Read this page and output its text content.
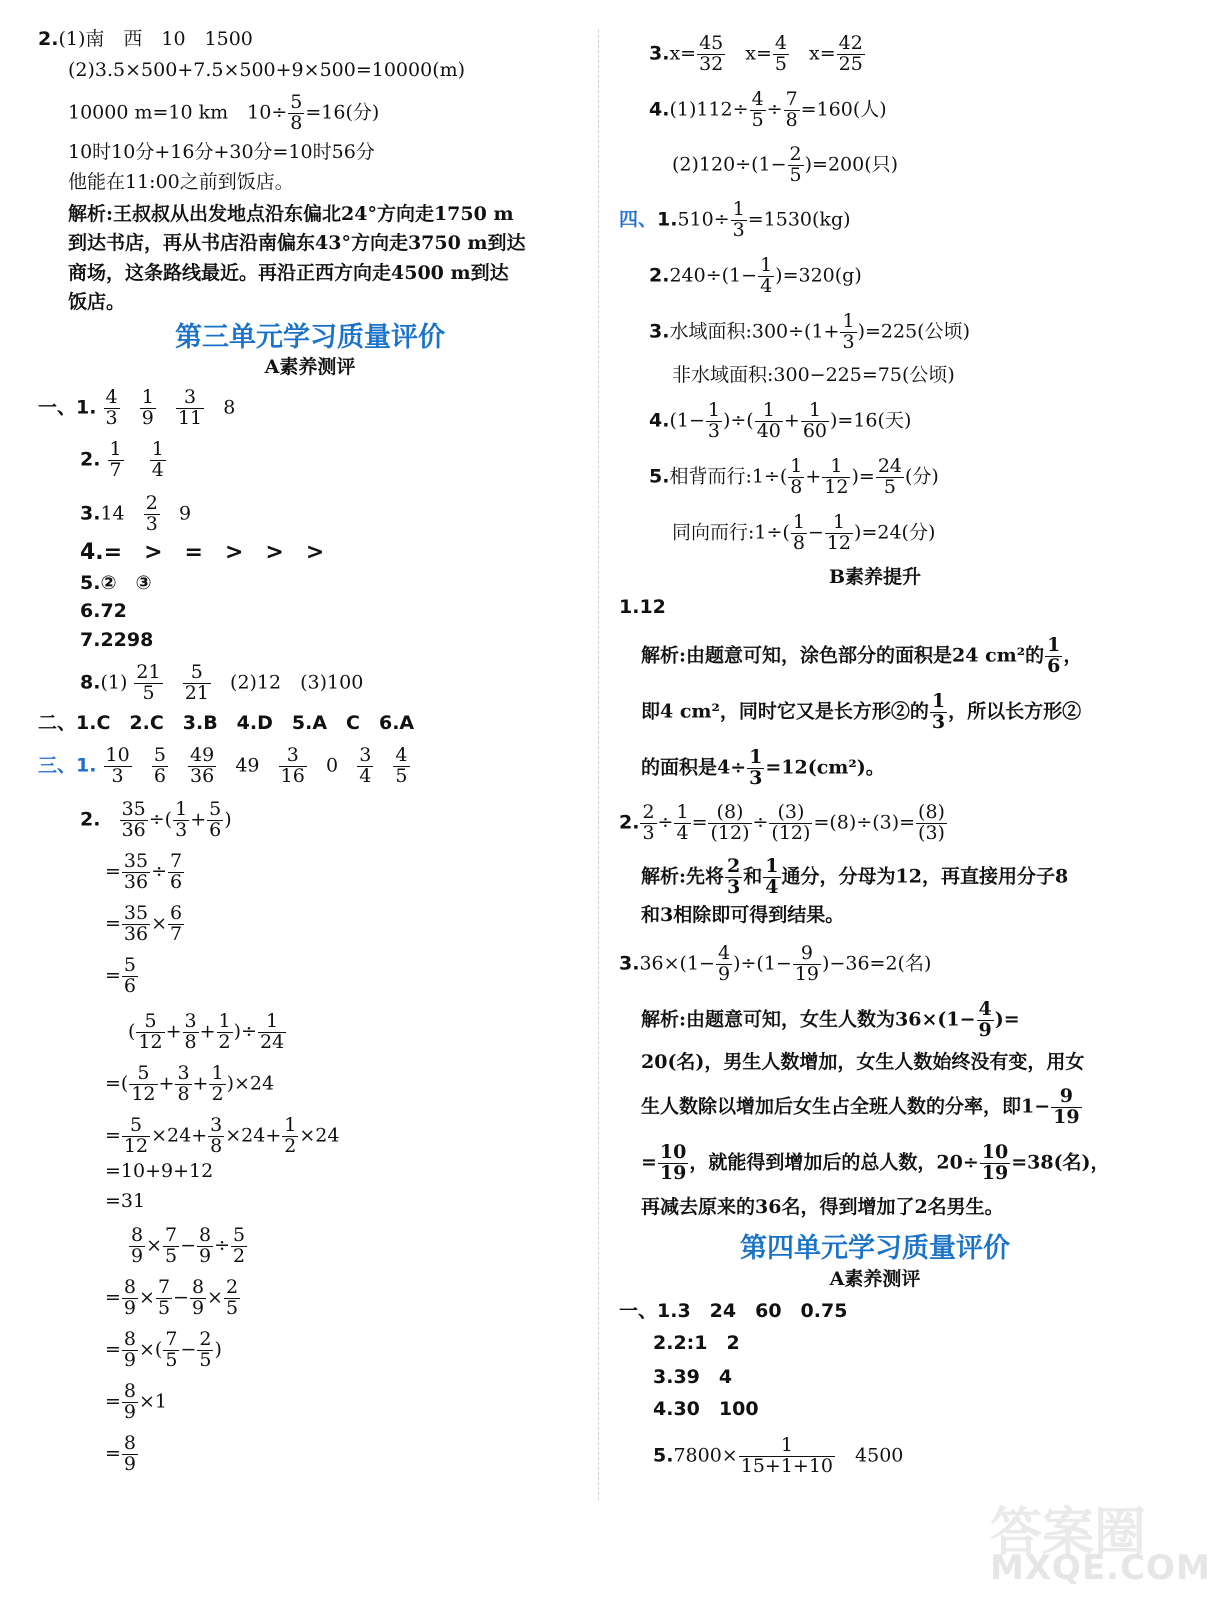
2.(1)南　西　10　1500
(2)3.5×500+7.5×500+9×500=10000(m)
10000 m=10 km　$10\div \frac{5}{8} =16$(分)
10时10分+16分+30分=10时56分
他能在11:00之前到饭店。
解析:王叔叔从出发地点沿东偏北24°方向走1750 m
到达书店，再从书店沿南偏东43°方向走3750 m到达
商场，这条路线最近。再沿正西方向走4500 m到达
饭店。
第三单元学习质量评价
A素养测评
一、1. $\frac{4}{3}$
$\frac{1}{9}$
$\frac{3}{11} 8$
2. $\frac{1}{7}$
$\frac{1}{4}$
$3.14 \frac{2}{3} 9$
4.=　>　=　>　>　>
5.②　③
6.72
7.2298
$8.(1) \frac{21}{5}$
$\frac{5}{21} (2)12$　(3)100
二、1.C　2.C　3.B　4.D　5.A　C　6.A
三、1. $\frac{10}{3}$
$\frac{5}{6}$
$\frac{49}{36} 49 \frac{3}{16} 0 \frac{3}{4}$
$\frac{4}{5}$
2. $\frac{35}{36}$ ÷( $\frac{1}{3} + \frac{5}{6}$ )
= $\frac{35}{36} \div \frac{7}{6}$
= $\frac{35}{36} \times \frac{6}{7}$
= $\frac{5}{6}$
( $\frac{5}{12} + \frac{3}{8} + \frac{1}{2}$ )÷ $\frac{1}{24}$
=( $\frac{5}{12} + \frac{3}{8} + \frac{1}{2} )\times 24$
= $\frac{5}{12} \times 24+ \frac{3}{8} \times 24+ \frac{1}{2} \times 24$
=10+9+12
=31
$\frac{8}{9} \times \frac{7}{5} - \frac{8}{9} \div \frac{5}{2}$
= $\frac{8}{9} \times \frac{7}{5} - \frac{8}{9} \times \frac{2}{5}$
= $\frac{8}{9}$ ×( $\frac{7}{5} - \frac{2}{5}$ )
= $\frac{8}{9} \times 1$
= $\frac{8}{9}$
$3.x= \frac{45}{32}$ 　$x= \frac{4}{5}$ 　$x= \frac{42}{25}$
$4.(1)112\div \frac{4}{5} \div \frac{7}{8} =160$(人)
$(2)120\div(1- \frac{2}{5} )=200$(只)
四、$1.510\div \frac{1}{3} =1530(kg)$
$2.240\div(1- \frac{1}{4} )=320(g)$
3.水域面积:300÷(1+ $\frac{1}{3} )=225$(公顷)
非水域面积:300−225=75(公顷)
$4.(1- \frac{1}{3}$ )÷( $\frac{1}{40} + \frac{1}{60} )=16$(天)
5.相背而行:1÷( $\frac{1}{8} + \frac{1}{12}$ )= $\frac{24}{5}$ (分)
同向而行:1÷( $\frac{1}{8} - \frac{1}{12} )=24$(分)
B素养提升
1.12
解析:由题意可知，涂色部分的面积是24 cm²的 $\frac{1}{6}$ ，
即4 cm²，同时它又是长方形②的 $\frac{1}{3}$ ，所以长方形②
的面积是$4\div \frac{1}{3} =12(cm^2)$。
2. $\frac{2}{3} \div \frac{1}{4} = \frac{(8)}{(12)} \div \frac{(3)}{(12)} =(8)\div(3)= \frac{(8)}{(3)}$
解析:先将 $\frac{2}{3}$ 和 $\frac{1}{4}$ 通分，分母为12，再直接用分子8
和3相除即可得到结果。
$3.36\times(1- \frac{4}{9} )\div(1- \frac{9}{19} )-36=2$(名)
解析:由题意可知，女生人数为$36\times(1- \frac{4}{9}$ )=
20(名)，男生人数增加，女生人数始终没有变，用女
生人数除以增加后女生占全班人数的分率，即$1- \frac{9}{19}$
= $\frac{10}{19}$ ，就能得到增加后的总人数，$20\div \frac{10}{19} =38$(名)，
再减去原来的36名，得到增加了2名男生。
第四单元学习质量评价
A素养测评
一、1.3　24　60　0.75
2.2:1　2
3.39　4
4.30　100
$5.7800\times \frac{1}{15+1+10}$ 　4500
答案圈
MXQE.COM
